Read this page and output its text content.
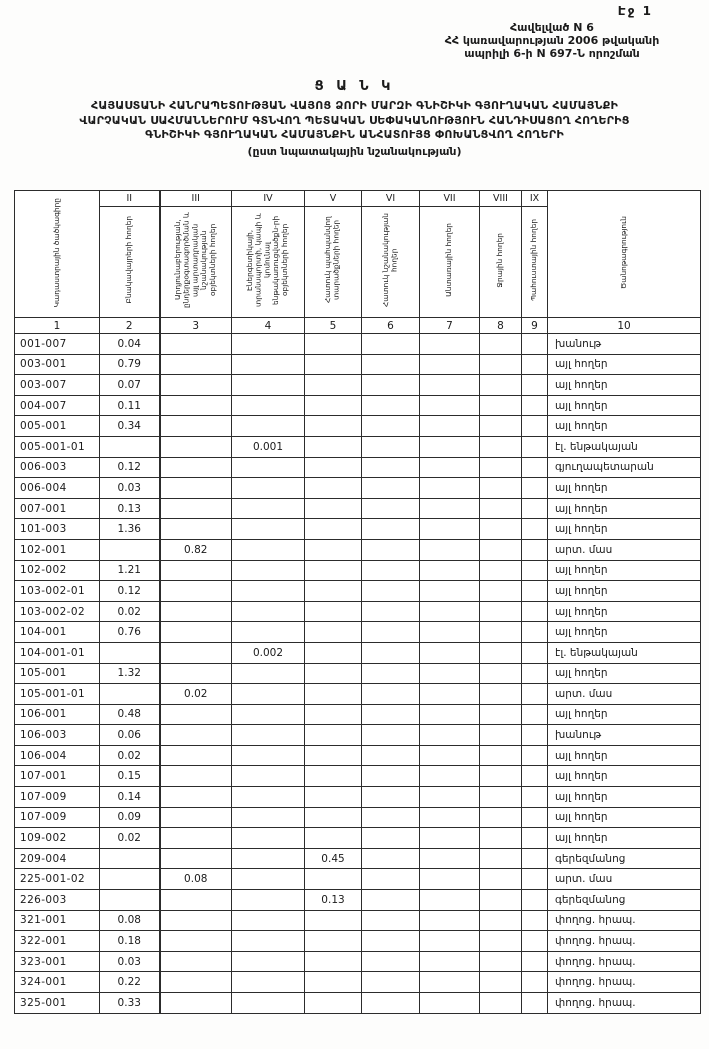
Էջ 1
Հավելված N 6
ՀՀ կառավարության 2006 թվականի
ապրիլի 6-ի N 697-Ն որոշման
Ց Ա Ն Կ
ՀԱՅԱՍՏԱՆԻ ՀԱՆՐԱՊԵՏՈՒԹՅԱՆ ՎԱՅՈՑ ՁՈՐԻ ՄԱՐԶԻ ԳՆԻՇԻԿԻ ԳՅՈՒՂԱԿԱՆ ՀԱՄԱՅՆՔԻ
ՎԱՐՉԱԿԱՆ ՍԱՀՄԱՆՆԵՐՈՒՄ ԳՏՆՎՈՂ ՊԵՏԱԿԱՆ ՍԵՓԱԿԱՆՈՒԹՅՈՒՆ ՀԱՆԴԻՍԱՑՈՂ ՀՈՂԵՐԻՑ
ԳՆԻՇԻԿԻ ԳՅՈՒՂԱԿԱՆ ՀԱՄԱՅՆՔԻՆ ԱՆՀԱՏՈՒՅՑ ՓՈԽԱՆՑՎՈՂ ՀՈՂԵՐԻ
(ըստ նպատակային նշանակության)
Կադաստրային ծածկագիրը	II	III	IV	V	VI	VII	VIII	IX	Ծանոթագրություն
	Բնակավայրերի հողեր	Արդյունաբերության, ընդերքօգտագործման և այլ արտադրական նշանակության օբյեկտների հողեր	Էներգետիկայի, տրանսպորտի, կապի և կոմունալ ենթակառուցվածքն-րի օբյեկտների հողեր	Հատուկ պահպանվող տարածքների հողեր	Հատուկ նշանակության հողեր	Անտառային հողեր	Ջրային հողեր	Պահուստային հողեր	
1	2	3	4	5	6	7	8	9	10
001-007	0.04								խանութ
003-001	0.79								այլ հողեր
003-007	0.07								այլ հողեր
004-007	0.11								այլ հողեր
005-001	0.34								այլ հողեր
005-001-01			0.001						էլ. ենթակայան
006-003	0.12								գյուղապետարան
006-004	0.03								այլ հողեր
007-001	0.13								այլ հողեր
101-003	1.36								այլ հողեր
102-001		0.82							արտ. մաս
102-002	1.21								այլ հողեր
103-002-01	0.12								այլ հողեր
103-002-02	0.02								այլ հողեր
104-001	0.76								այլ հողեր
104-001-01			0.002						էլ. ենթակայան
105-001	1.32								այլ հողեր
105-001-01		0.02							արտ. մաս
106-001	0.48								այլ հողեր
106-003	0.06								խանութ
106-004	0.02								այլ հողեր
107-001	0.15								այլ հողեր
107-009	0.14								այլ հողեր
107-009	0.09								այլ հողեր
109-002	0.02								այլ հողեր
209-004				0.45					գերեզմանոց
225-001-02		0.08							արտ. մաս
226-003				0.13					գերեզմանոց
321-001	0.08								փողոց. հրապ.
322-001	0.18								փողոց. հրապ.
323-001	0.03								փողոց. հրապ.
324-001	0.22								փողոց. հրապ.
325-001	0.33								փողոց. հրապ.
